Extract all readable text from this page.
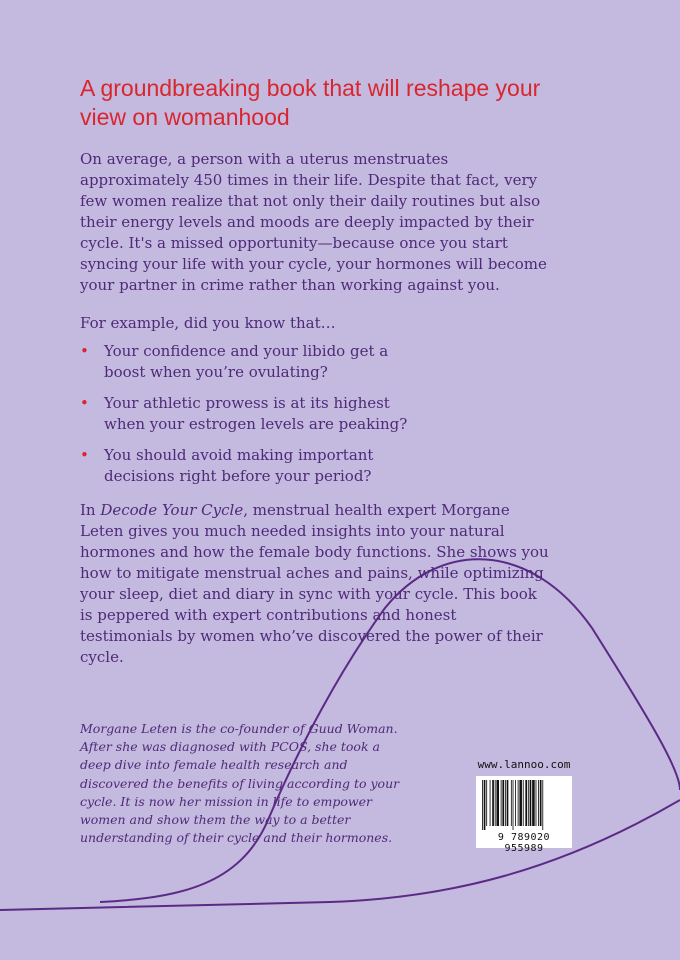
A groundbreaking book that will reshape your view on womanhood

On average, a person with a uterus menstruates approximately 450 times in their life. Despite that fact, very few women realize that not only their daily routines but also their energy levels and moods are deeply impacted by their cycle. It's a missed opportunity—because once you start syncing your life with your cycle, your hormones will become your partner in crime rather than working against you.

For example, did you know that…

• Your confidence and your libido get a boost when you’re ovulating?
• Your athletic prowess is at its highest when your estrogen levels are peaking?
• You should avoid making important decisions right before your period?

In Decode Your Cycle, menstrual health expert Morgane Leten gives you much needed insights into your natural hormones and how the female body functions. She shows you how to mitigate menstrual aches and pains, while optimizing your sleep, diet and diary in sync with your cycle. This book is peppered with expert contributions and honest testimonials by women who’ve discovered the power of their cycle.

Morgane Leten is the co-founder of Guud Woman. After she was diagnosed with PCOS, she took a deep dive into female health research and discovered the benefits of living according to your cycle. It is now her mission in life to empower women and show them the way to a better understanding of their cycle and their hormones.

www.lannoo.com
9 789020 955989
